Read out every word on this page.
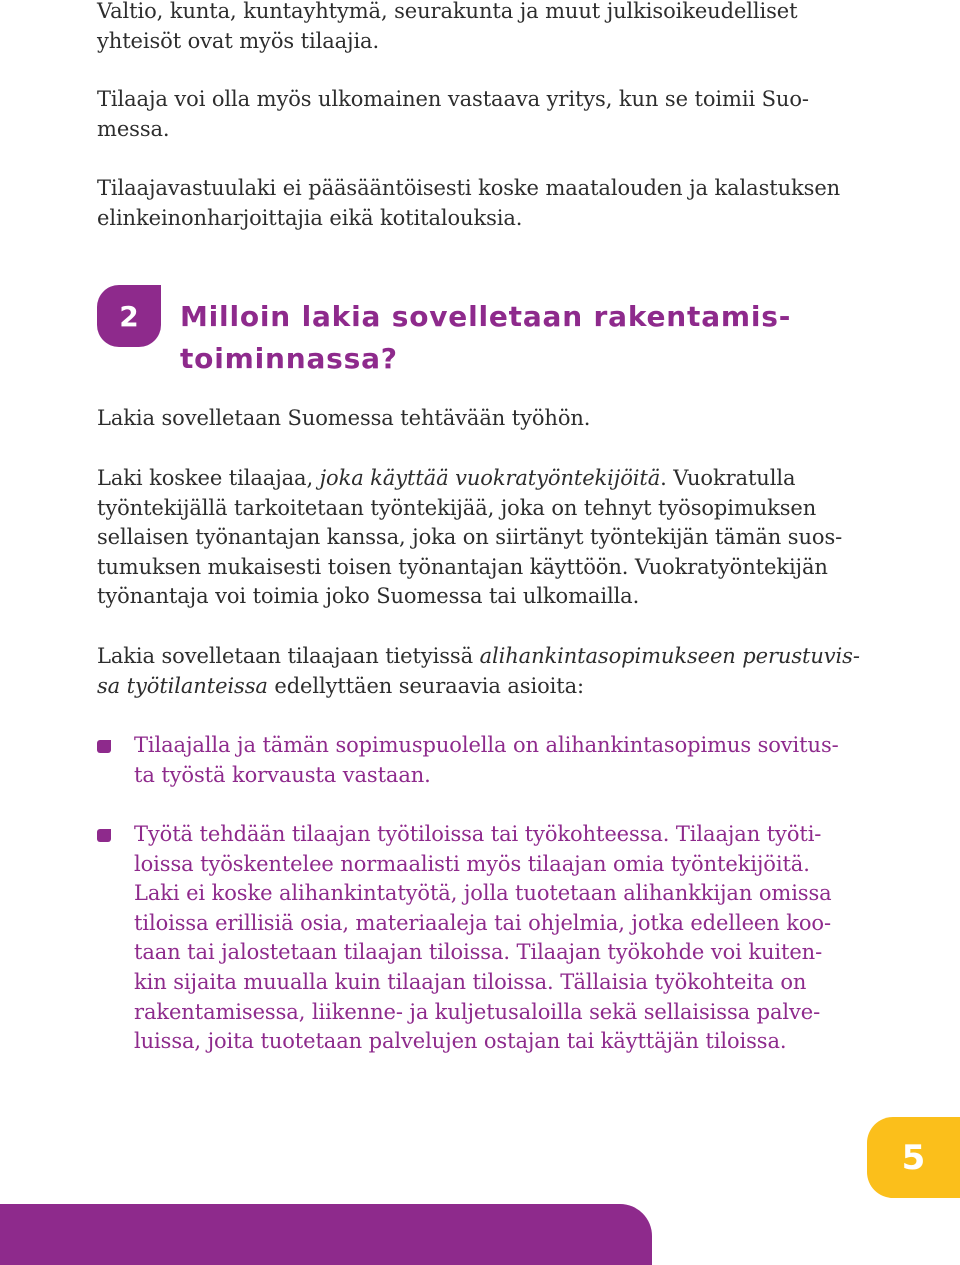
Valtio, kunta, kuntayhtymä, seurakunta ja muut julkisoikeudelliset
yhteisöt ovat myös tilaajia.

Tilaaja voi olla myös ulkomainen vastaava yritys, kun se toimii Suo-
messa.

Tilaajavastuulaki ei pääsääntöisesti koske maatalouden ja kalastuksen
elinkeinonharjoittajia eikä kotitalouksia.

2 Milloin lakia sovelletaan rakentamis-
toiminnassa?

Lakia sovelletaan Suomessa tehtävään työhön.

Laki koskee tilaajaa, joka käyttää vuokratyöntekijöitä. Vuokratulla
työntekijällä tarkoitetaan työntekijää, joka on tehnyt työsopimuksen
sellaisen työnantajan kanssa, joka on siirtänyt työntekijän tämän suos-
tumuksen mukaisesti toisen työnantajan käyttöön. Vuokratyöntekijän
työnantaja voi toimia joko Suomessa tai ulkomailla.

Lakia sovelletaan tilaajaan tietyissä alihankintasopimukseen perustuvis-
sa työtilanteissa edellyttäen seuraavia asioita:

Tilaajalla ja tämän sopimuspuolella on alihankintasopimus sovitus-
ta työstä korvausta vastaan.

Työtä tehdään tilaajan työtiloissa tai työkohteessa. Tilaajan työti-
loissa työskentelee normaalisti myös tilaajan omia työntekijöitä.
Laki ei koske alihankintatyötä, jolla tuotetaan alihankkijan omissa
tiloissa erillisiä osia, materiaaleja tai ohjelmia, jotka edelleen koo-
taan tai jalostetaan tilaajan tiloissa. Tilaajan työkohde voi kuiten-
kin sijaita muualla kuin tilaajan tiloissa. Tällaisia työkohteita on
rakentamisessa, liikenne- ja kuljetusaloilla sekä sellaisissa palve-
luissa, joita tuotetaan palvelujen ostajan tai käyttäjän tiloissa.

5
